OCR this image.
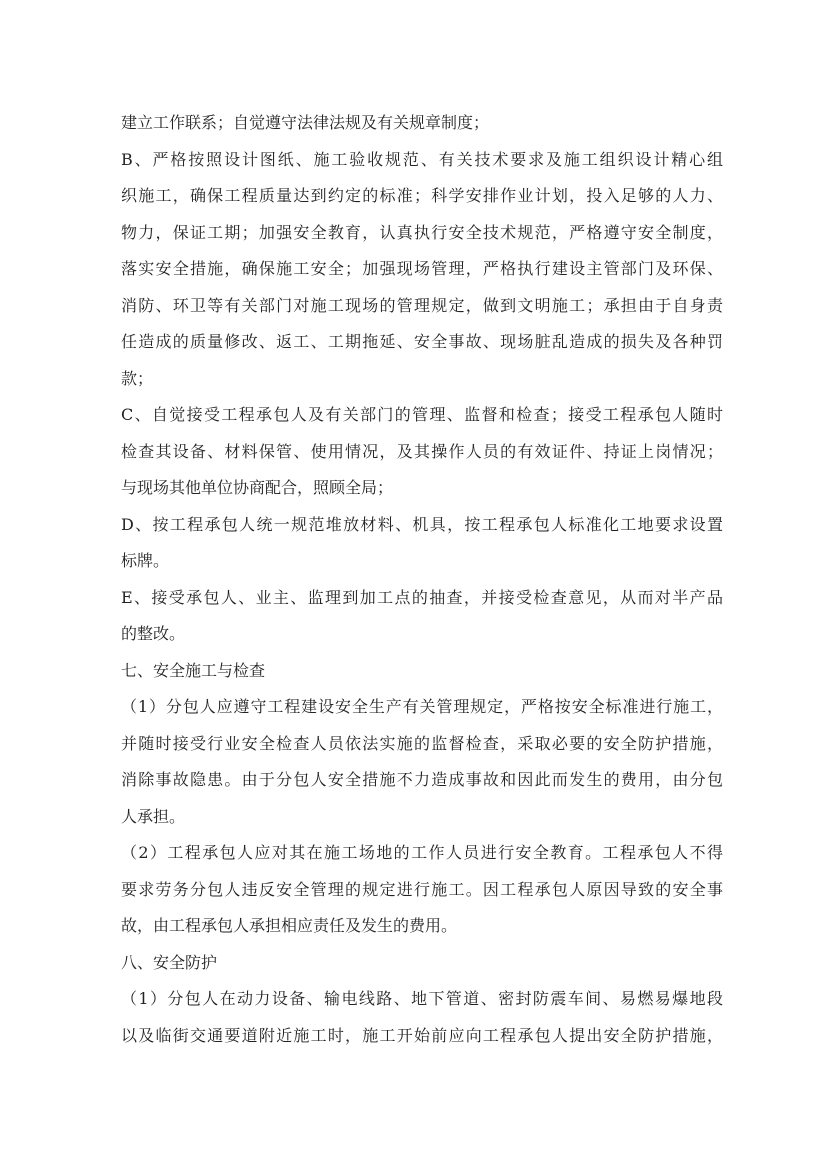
建立工作联系；自觉遵守法律法规及有关规章制度；
B、严格按照设计图纸、施工验收规范、有关技术要求及施工组织设计精心组
织施工，确保工程质量达到约定的标准；科学安排作业计划，投入足够的人力、
物力，保证工期；加强安全教育，认真执行安全技术规范，严格遵守安全制度，
落实安全措施，确保施工安全；加强现场管理，严格执行建设主管部门及环保、
消防、环卫等有关部门对施工现场的管理规定，做到文明施工；承担由于自身责
任造成的质量修改、返工、工期拖延、安全事故、现场脏乱造成的损失及各种罚
款；
C、自觉接受工程承包人及有关部门的管理、监督和检查；接受工程承包人随时
检查其设备、材料保管、使用情况，及其操作人员的有效证件、持证上岗情况；
与现场其他单位协商配合，照顾全局；
D、按工程承包人统一规范堆放材料、机具，按工程承包人标准化工地要求设置
标牌。
E、接受承包人、业主、监理到加工点的抽查，并接受检查意见，从而对半产品
的整改。
七、安全施工与检查
（1）分包人应遵守工程建设安全生产有关管理规定，严格按安全标准进行施工，
并随时接受行业安全检查人员依法实施的监督检查，采取必要的安全防护措施，
消除事故隐患。由于分包人安全措施不力造成事故和因此而发生的费用，由分包
人承担。
（2）工程承包人应对其在施工场地的工作人员进行安全教育。工程承包人不得
要求劳务分包人违反安全管理的规定进行施工。因工程承包人原因导致的安全事
故，由工程承包人承担相应责任及发生的费用。
八、安全防护
（1）分包人在动力设备、输电线路、地下管道、密封防震车间、易燃易爆地段
以及临街交通要道附近施工时，施工开始前应向工程承包人提出安全防护措施，
